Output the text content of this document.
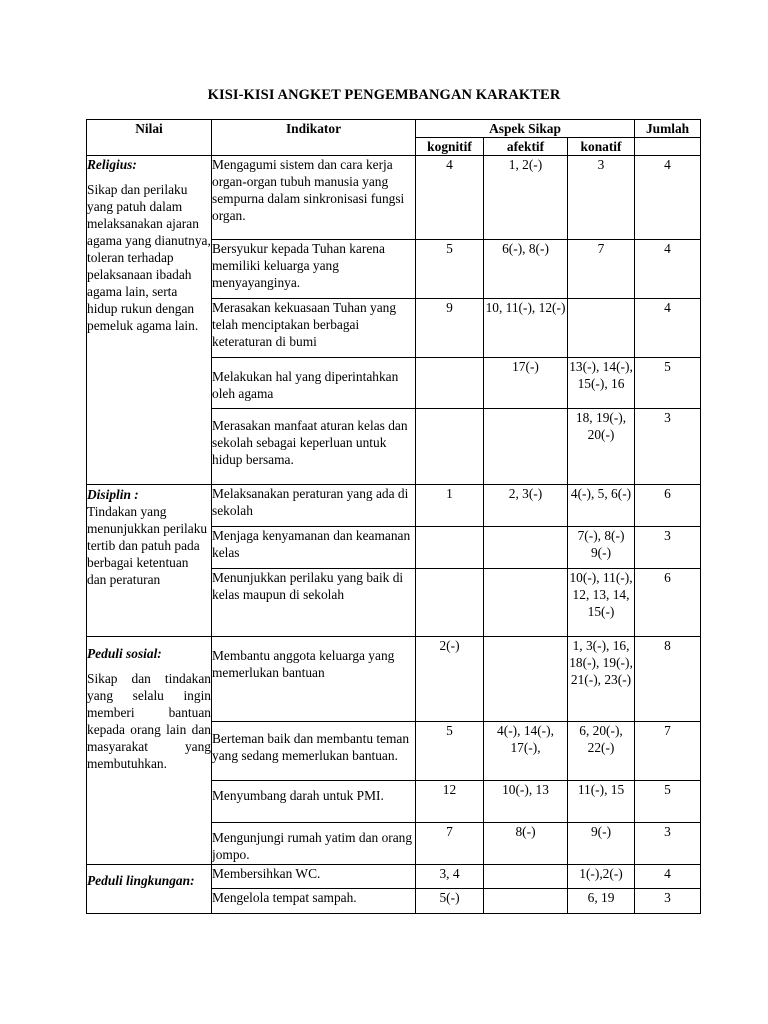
KISI-KISI ANGKET PENGEMBANGAN KARAKTER
Nilai	Indikator	Aspek Sikap			Jumlah
		kognitif	afektif	konatif	

Religius:
Sikap dan perilaku yang patuh dalam melaksanakan ajaran agama yang dianutnya, toleran terhadap pelaksanaan ibadah agama lain, serta hidup rukun dengan pemeluk agama lain.	Mengagumi sistem dan cara kerja organ-organ tubuh manusia yang sempurna dalam sinkronisasi fungsi organ.	4	1, 2(-)	3	4
	Bersyukur kepada Tuhan karena memiliki keluarga yang menyayanginya.	5	6(-), 8(-)	7	4
	Merasakan kekuasaan Tuhan yang telah menciptakan berbagai keteraturan di bumi	9	10, 11(-), 12(-)		4
	Melakukan hal yang diperintahkan oleh agama		17(-)	13(-), 14(-), 15(-), 16	5
	Merasakan manfaat aturan kelas dan sekolah sebagai keperluan untuk hidup bersama.			18, 19(-), 20(-)	3

Disiplin :
Tindakan yang menunjukkan perilaku tertib dan patuh pada berbagai ketentuan dan peraturan	Melaksanakan peraturan yang ada di sekolah	1	2, 3(-)	4(-), 5, 6(-)	6
	Menjaga kenyamanan dan keamanan kelas			7(-), 8(-) 9(-)	3
	Menunjukkan perilaku yang baik di kelas maupun di sekolah			10(-), 11(-), 12, 13, 14, 15(-)	6

Peduli sosial:
Sikap dan tindakan yang selalu ingin memberi bantuan kepada orang lain dan masyarakat yang membutuhkan.	Membantu anggota keluarga yang memerlukan bantuan	2(-)		1, 3(-), 16, 18(-), 19(-), 21(-), 23(-)	8
	Berteman baik dan membantu teman yang sedang memerlukan bantuan.	5	4(-), 14(-), 17(-),	6, 20(-), 22(-)	7
	Menyumbang darah untuk PMI.	12	10(-), 13	11(-), 15	5
	Mengunjungi rumah yatim dan orang jompo.	7	8(-)	9(-)	3

Peduli lingkungan:	Membersihkan WC.	3, 4		1(-),2(-)	4
	Mengelola tempat sampah.	5(-)		6, 19	3
